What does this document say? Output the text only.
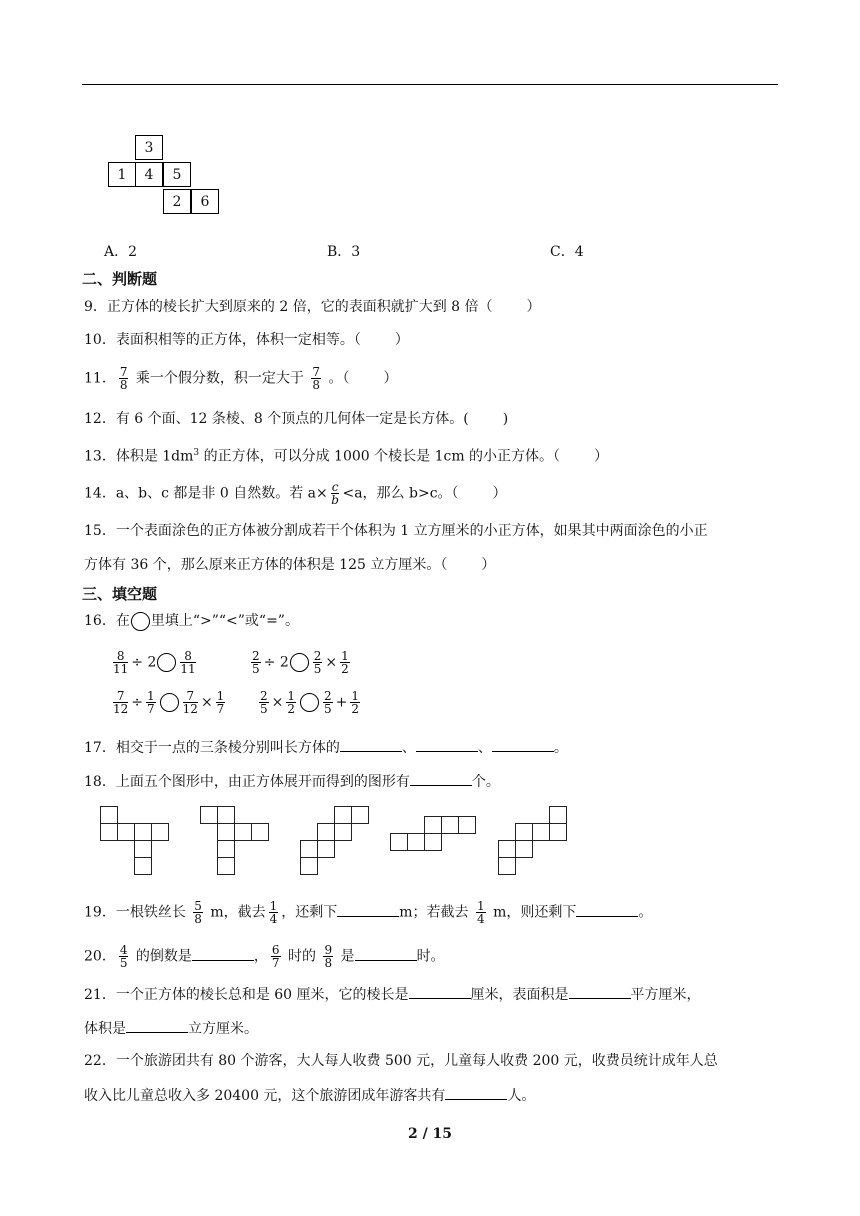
3
1	4	5
2	6
A．2	B．3	C．4
二、判断题
9．正方体的棱长扩大到原来的 2 倍，它的表面积就扩大到 8 倍（ ）
10．表面积相等的正方体，体积一定相等。（ ）
11． $\frac{7}{8}$ 乘一个假分数，积一定大于 $\frac{7}{8}$ 。（ ）
12．有 6 个面、12 条棱、8 个顶点的几何体一定是长方体。( )
13．体积是 $1dm^3$ 的正方体，可以分成 1000 个棱长是 1cm 的小正方体。（ ）
14．a、b、c 都是非 0 自然数。若 $a\times \frac{c}{b} <a$，那么 b>c。（ ）
15．一个表面涂色的正方体被分割成若干个体积为 1 立方厘米的小正方体，如果其中两面涂色的小正
方体有 36 个，那么原来正方体的体积是 125 立方厘米。（ ）
三、填空题
16．在 里填上“>”“<”或“=”。
$\frac{8}{11} \div 2 \frac{8}{11}$	$\frac{2}{5} \div 2 \frac{2}{5} \times \frac{1}{2}$
$\frac{7}{12} \div \frac{1}{7} \frac{7}{12} \times \frac{1}{7}$	$\frac{2}{5} \times \frac{1}{2} \frac{2}{5} + \frac{1}{2}$
17．相交于一点的三条棱分别叫长方体的	、	、	。
18．上面五个图形中，由正方体展开而得到的图形有	个。
19．一根铁丝长 $\frac{5}{8}$ m，截去 $\frac{1}{4}$ ，还剩下	m；若截去 $\frac{1}{4}$ m，则还剩下	。
20． $\frac{4}{5}$ 的倒数是	， $\frac{6}{7}$ 时的 $\frac{9}{8}$ 是	时。
21．一个正方体的棱长总和是 60 厘米，它的棱长是	厘米，表面积是	平方厘米，
体积是	立方厘米。
22．一个旅游团共有 80 个游客，大人每人收费 500 元，儿童每人收费 200 元，收费员统计成年人总
收入比儿童总收入多 20400 元，这个旅游团成年游客共有	人。
2 / 15
